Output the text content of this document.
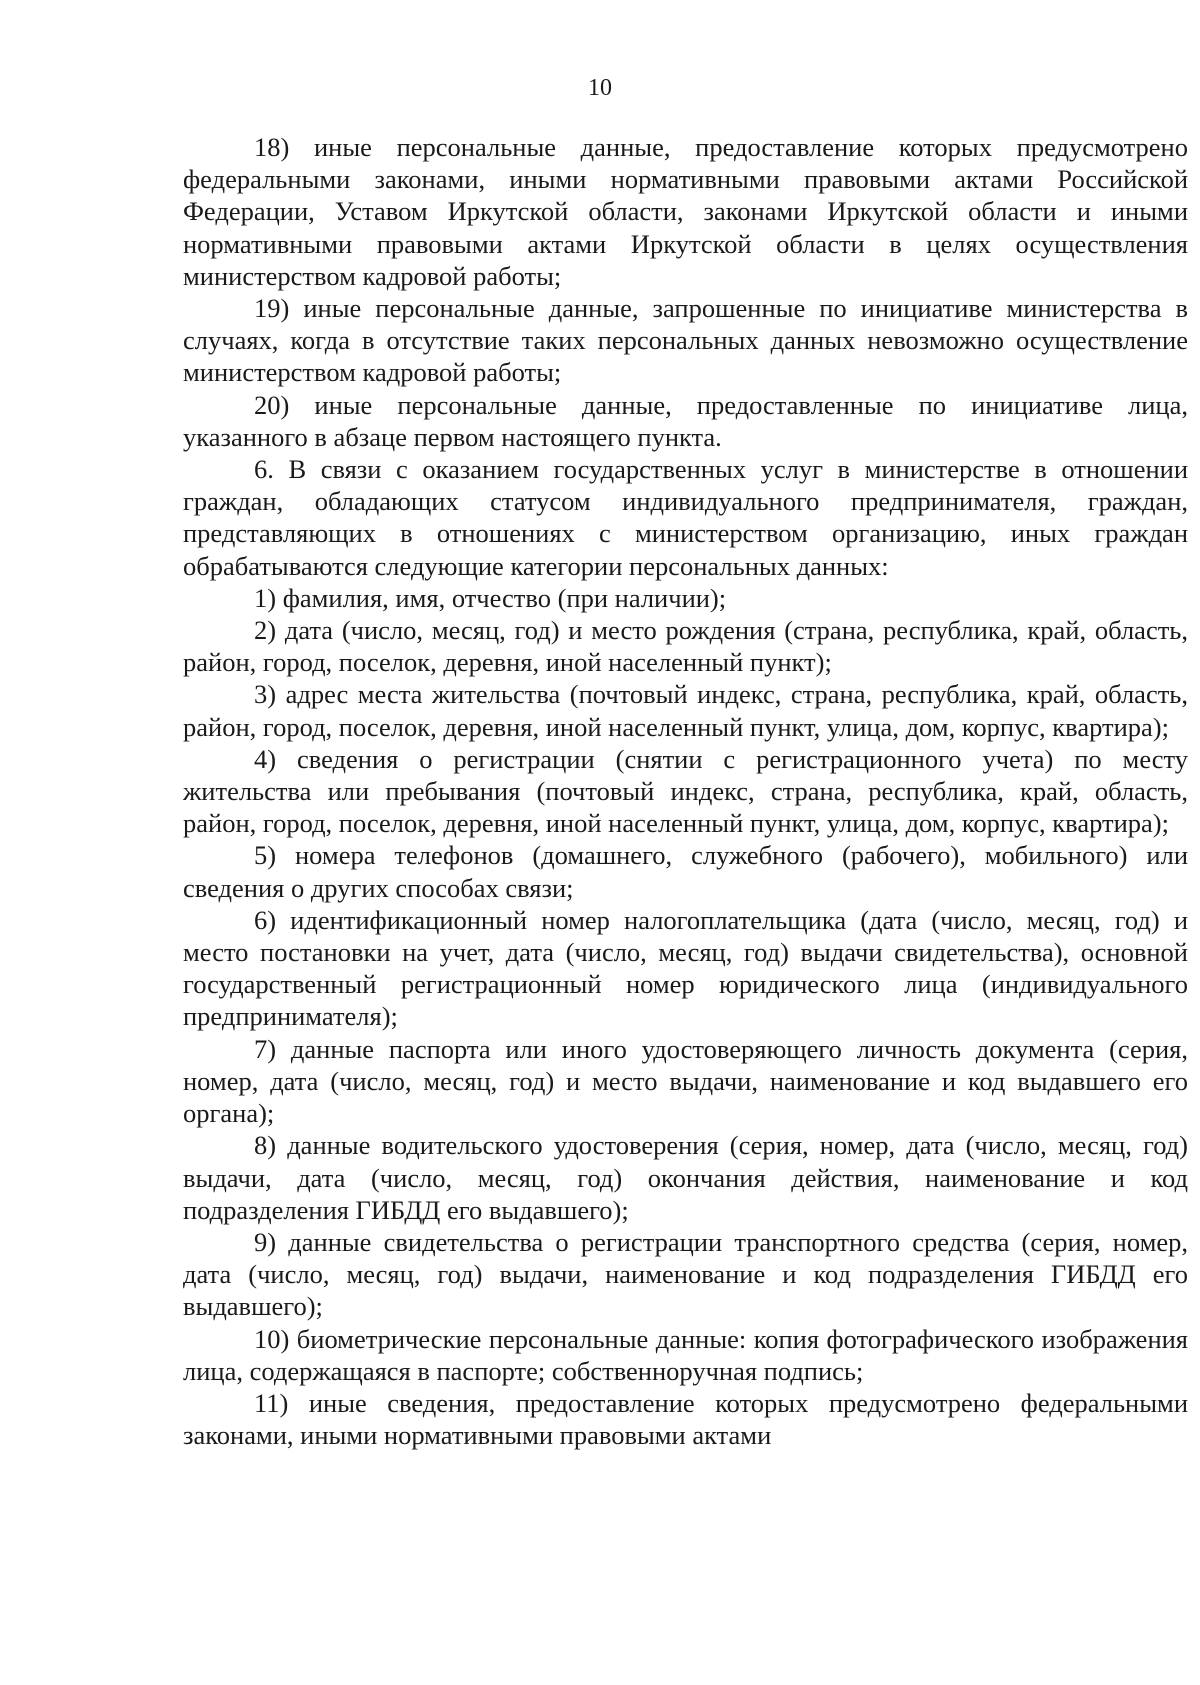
10

18) иные персональные данные, предоставление которых предусмотрено федеральными законами, иными нормативными правовыми актами Российской Федерации, Уставом Иркутской области, законами Иркутской области и иными нормативными правовыми актами Иркутской области в целях осуществления министерством кадровой работы;

19) иные персональные данные, запрошенные по инициативе министерства в случаях, когда в отсутствие таких персональных данных невозможно осуществление министерством кадровой работы;

20) иные персональные данные, предоставленные по инициативе лица, указанного в абзаце первом настоящего пункта.

6. В связи с оказанием государственных услуг в министерстве в отношении граждан, обладающих статусом индивидуального предпринимателя, граждан, представляющих в отношениях с министерством организацию, иных граждан обрабатываются следующие категории персональных данных:

1) фамилия, имя, отчество (при наличии);

2) дата (число, месяц, год) и место рождения (страна, республика, край, область, район, город, поселок, деревня, иной населенный пункт);

3) адрес места жительства (почтовый индекс, страна, республика, край, область, район, город, поселок, деревня, иной населенный пункт, улица, дом, корпус, квартира);

4) сведения о регистрации (снятии с регистрационного учета) по месту жительства или пребывания (почтовый индекс, страна, республика, край, область, район, город, поселок, деревня, иной населенный пункт, улица, дом, корпус, квартира);

5) номера телефонов (домашнего, служебного (рабочего), мобильного) или сведения о других способах связи;

6) идентификационный номер налогоплательщика (дата (число, месяц, год) и место постановки на учет, дата (число, месяц, год) выдачи свидетельства), основной государственный регистрационный номер юридического лица (индивидуального предпринимателя);

7) данные паспорта или иного удостоверяющего личность документа (серия, номер, дата (число, месяц, год) и место выдачи, наименование и код выдавшего его органа);

8) данные водительского удостоверения (серия, номер, дата (число, месяц, год) выдачи, дата (число, месяц, год) окончания действия, наименование и код подразделения ГИБДД его выдавшего);

9) данные свидетельства о регистрации транспортного средства (серия, номер, дата (число, месяц, год) выдачи, наименование и код подразделения ГИБДД его выдавшего);

10) биометрические персональные данные: копия фотографического изображения лица, содержащаяся в паспорте; собственноручная подпись;

11) иные сведения, предоставление которых предусмотрено федеральными законами, иными нормативными правовыми актами
